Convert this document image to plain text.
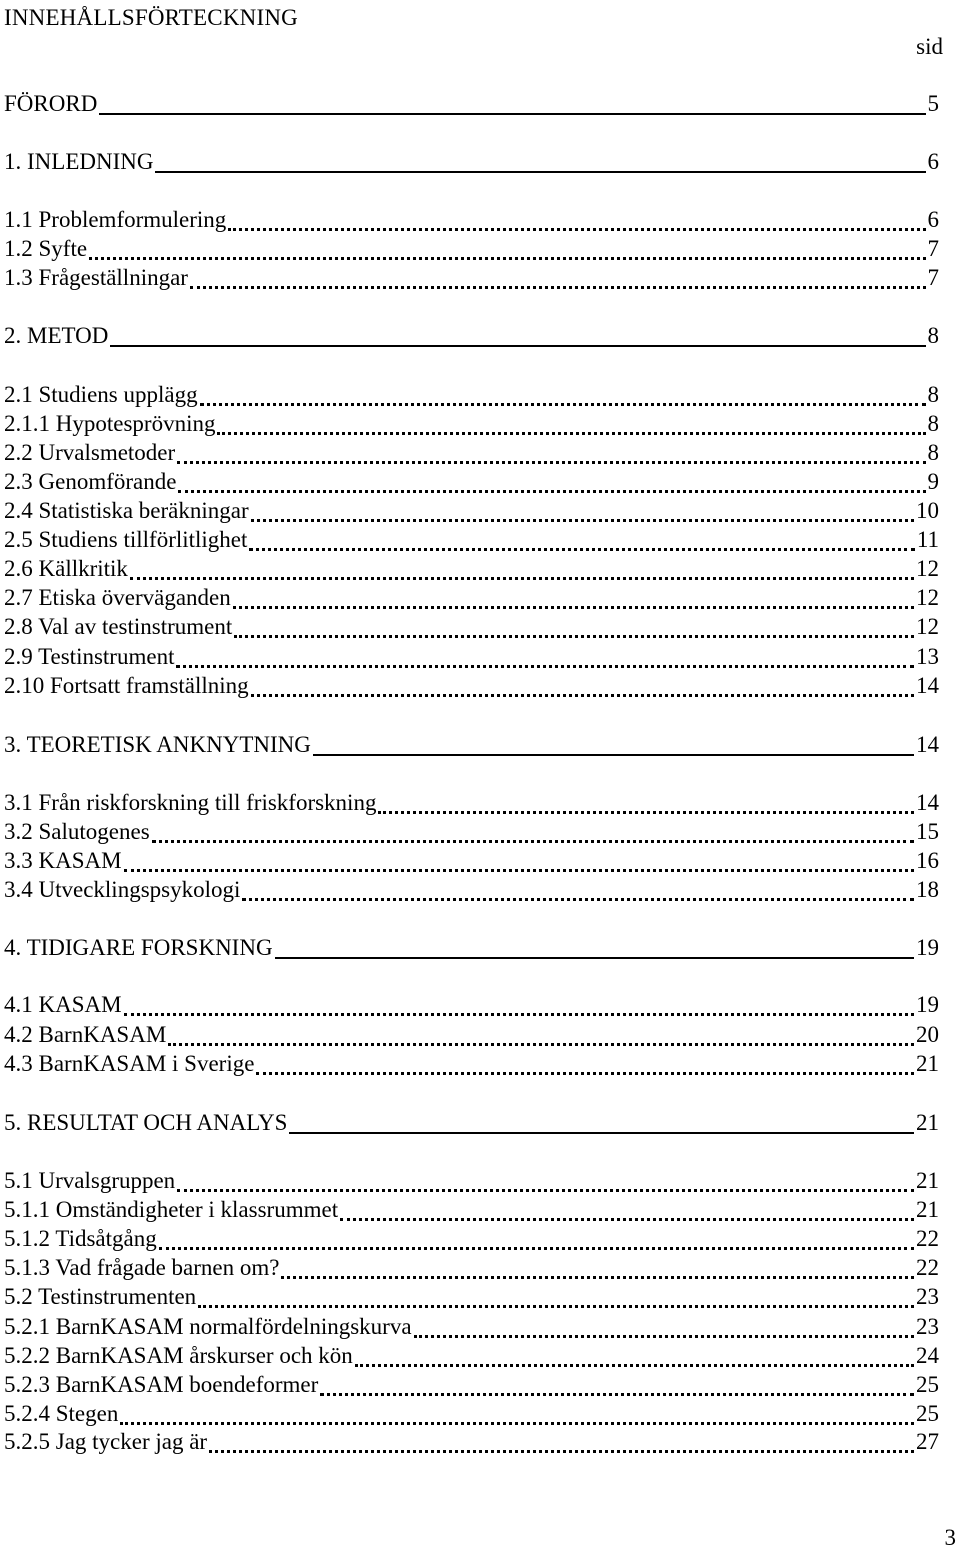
INNEHÅLLSFÖRTECKNING
sid
FÖRORD	5
1. INLEDNING	6
1.1 Problemformulering	6
1.2 Syfte	7
1.3 Frågeställningar	7
2. METOD	8
2.1 Studiens upplägg	8
2.1.1 Hypotesprövning	8
2.2 Urvalsmetoder	8
2.3 Genomförande	9
2.4 Statistiska beräkningar	10
2.5 Studiens tillförlitlighet	11
2.6 Källkritik	12
2.7 Etiska överväganden	12
2.8 Val av testinstrument	12
2.9 Testinstrument	13
2.10 Fortsatt framställning	14
3. TEORETISK ANKNYTNING	14
3.1 Från riskforskning till friskforskning	14
3.2 Salutogenes	15
3.3 KASAM	16
3.4 Utvecklingspsykologi	18
4. TIDIGARE FORSKNING	19
4.1 KASAM	19
4.2 BarnKASAM	20
4.3 BarnKASAM i Sverige	21
5. RESULTAT OCH ANALYS	21
5.1 Urvalsgruppen	21
5.1.1 Omständigheter i klassrummet	21
5.1.2 Tidsåtgång	22
5.1.3 Vad frågade barnen om?	22
5.2 Testinstrumenten	23
5.2.1 BarnKASAM normalfördelningskurva	23
5.2.2 BarnKASAM årskurser och kön	24
5.2.3 BarnKASAM boendeformer	25
5.2.4 Stegen	25
5.2.5 Jag tycker jag är	27
3
